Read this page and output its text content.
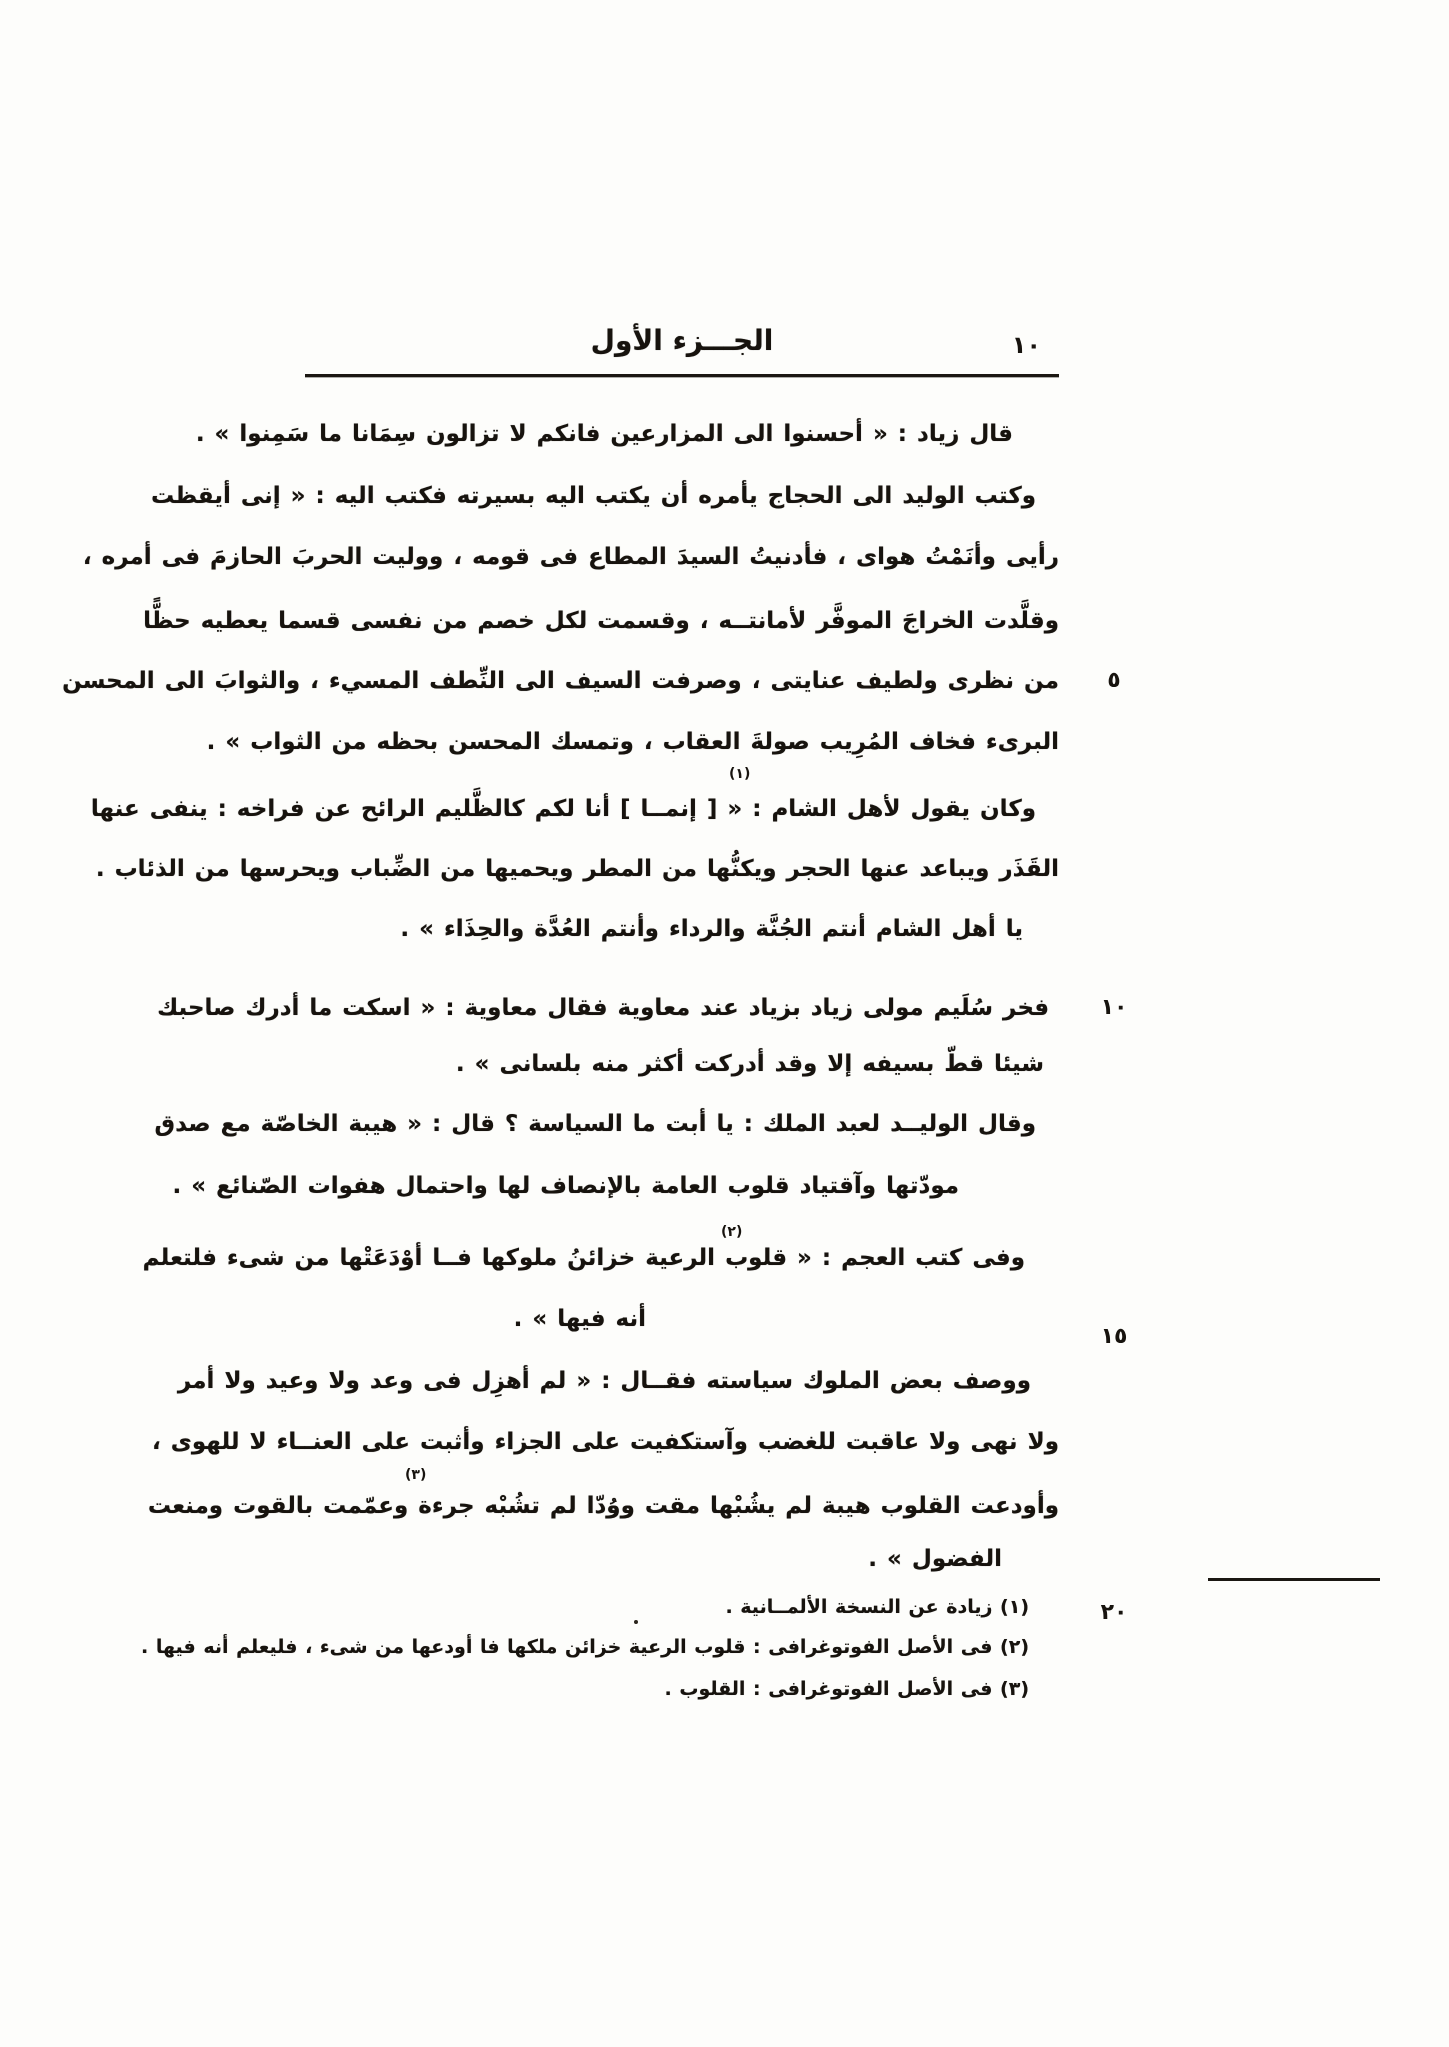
الجـــزء الأول	١٠
قال زياد : « أحسنوا الى المزارعين فانكم لا تزالون سِمَانا ما سَمِنوا » .
وكتب الوليد الى الحجاج يأمره أن يكتب اليه بسيرته فكتب اليه : « إنى أيقظت
رأيى وأنَمْتُ هواى ، فأدنيتُ السيدَ المطاع فى قومه ، ووليت الحربَ الحازمَ فى أمره ،
وقلَّدت الخراجَ الموفَّر لأمانتــه ، وقسمت لكل خصم من نفسى قسما يعطيه حظًّا
من نظرى ولطيف عنايتى ، وصرفت السيف الى النِّطف المسيء ، والثوابَ الى المحسن
البرىء فخاف المُرِيب صولةَ العقاب ، وتمسك المحسن بحظه من الثواب » .
وكان يقول لأهل الشام : « [ إنمــا ] أنا لكم كالظَّليم الرائح عن فراخه : ينفى عنها
القَذَر ويباعد عنها الحجر ويكنُّها من المطر ويحميها من الضِّباب ويحرسها من الذئاب .
يا أهل الشام أنتم الجُنَّة والرداء وأنتم العُدَّة والحِذَاء » .
فخر سُلَيم مولى زياد بزياد عند معاوية فقال معاوية : « اسكت ما أدرك صاحبك
شيئا قطّ بسيفه إلا وقد أدركت أكثر منه بلسانى » .
وقال الوليــد لعبد الملك : يا أبت ما السياسة ؟ قال : « هيبة الخاصّة مع صدق
مودّتها وآقتياد قلوب العامة بالإنصاف لها واحتمال هفوات الصّنائع » .
وفى كتب العجم : « قلوب الرعية خزائنُ ملوكها فــا أوْدَعَتْها من شىء فلتعلم
أنه فيها » .
ووصف بعض الملوك سياسته فقــال : « لم أهزِل فى وعد ولا وعيد ولا أمر
ولا نهى ولا عاقبت للغضب وآستكفيت على الجزاء وأثبت على العنــاء لا للهوى ،
وأودعت القلوب هيبة لم يشُبْها مقت ووُدّا لم تشُبْه جرءة وعمّمت بالقوت ومنعت
الفضول » .
(١) زيادة عن النسخة الألمــانية .
(٢) فى الأصل الفوتوغرافى : قلوب الرعية خزائن ملكها فا أودعها من شىء ، فليعلم أنه فيها .
(٣) فى الأصل الفوتوغرافى : القلوب .
٥
١٠
١٥
٢٠
(١)
(٢)
(٣)
